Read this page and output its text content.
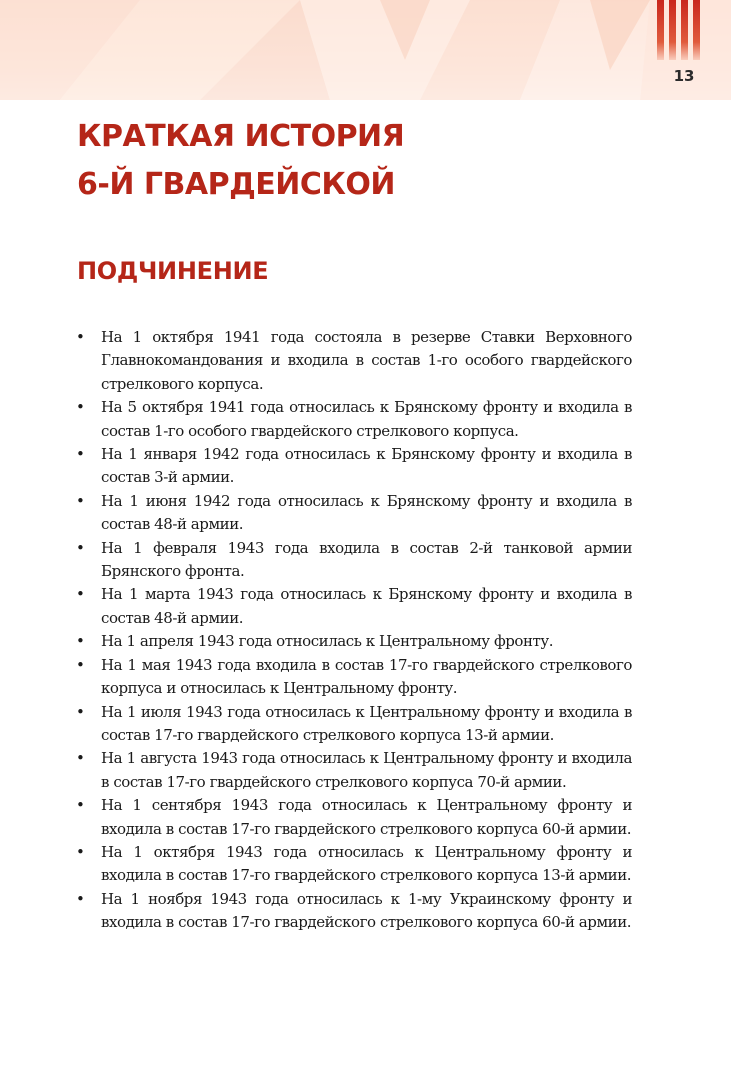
13
КРАТКАЯ ИСТОРИЯ
6-Й ГВАРДЕЙСКОЙ
ПОДЧИНЕНИЕ
• На 1 октября 1941 года состояла в резерве Ставки Верховного Главнокомандования и входила в состав 1-го особого гвардейского стрелкового корпуса.
• На 5 октября 1941 года относилась к Брянскому фронту и входила в состав 1-го особого гвардейского стрелкового корпуса.
• На 1 января 1942 года относилась к Брянскому фронту и входила в состав 3-й армии.
• На 1 июня 1942 года относилась к Брянскому фронту и входила в состав 48-й армии.
• На 1 февраля 1943 года входила в состав 2-й танковой армии Брянского фронта.
• На 1 марта 1943 года относилась к Брянскому фронту и входила в состав 48-й армии.
• На 1 апреля 1943 года относилась к Центральному фронту.
• На 1 мая 1943 года входила в состав 17-го гвардейского стрелкового корпуса и относилась к Центральному фронту.
• На 1 июля 1943 года относилась к Центральному фронту и входила в состав 17-го гвардейского стрелкового корпуса 13-й армии.
• На 1 августа 1943 года относилась к Центральному фронту и входила в состав 17-го гвардейского стрелкового корпуса 70-й армии.
• На 1 сентября 1943 года относилась к Центральному фронту и входила в состав 17-го гвардейского стрелкового корпуса 60-й армии.
• На 1 октября 1943 года относилась к Центральному фронту и входила в состав 17-го гвардейского стрелкового корпуса 13-й армии.
• На 1 ноября 1943 года относилась к 1-му Украинскому фронту и входила в состав 17-го гвардейского стрелкового корпуса 60-й армии.
